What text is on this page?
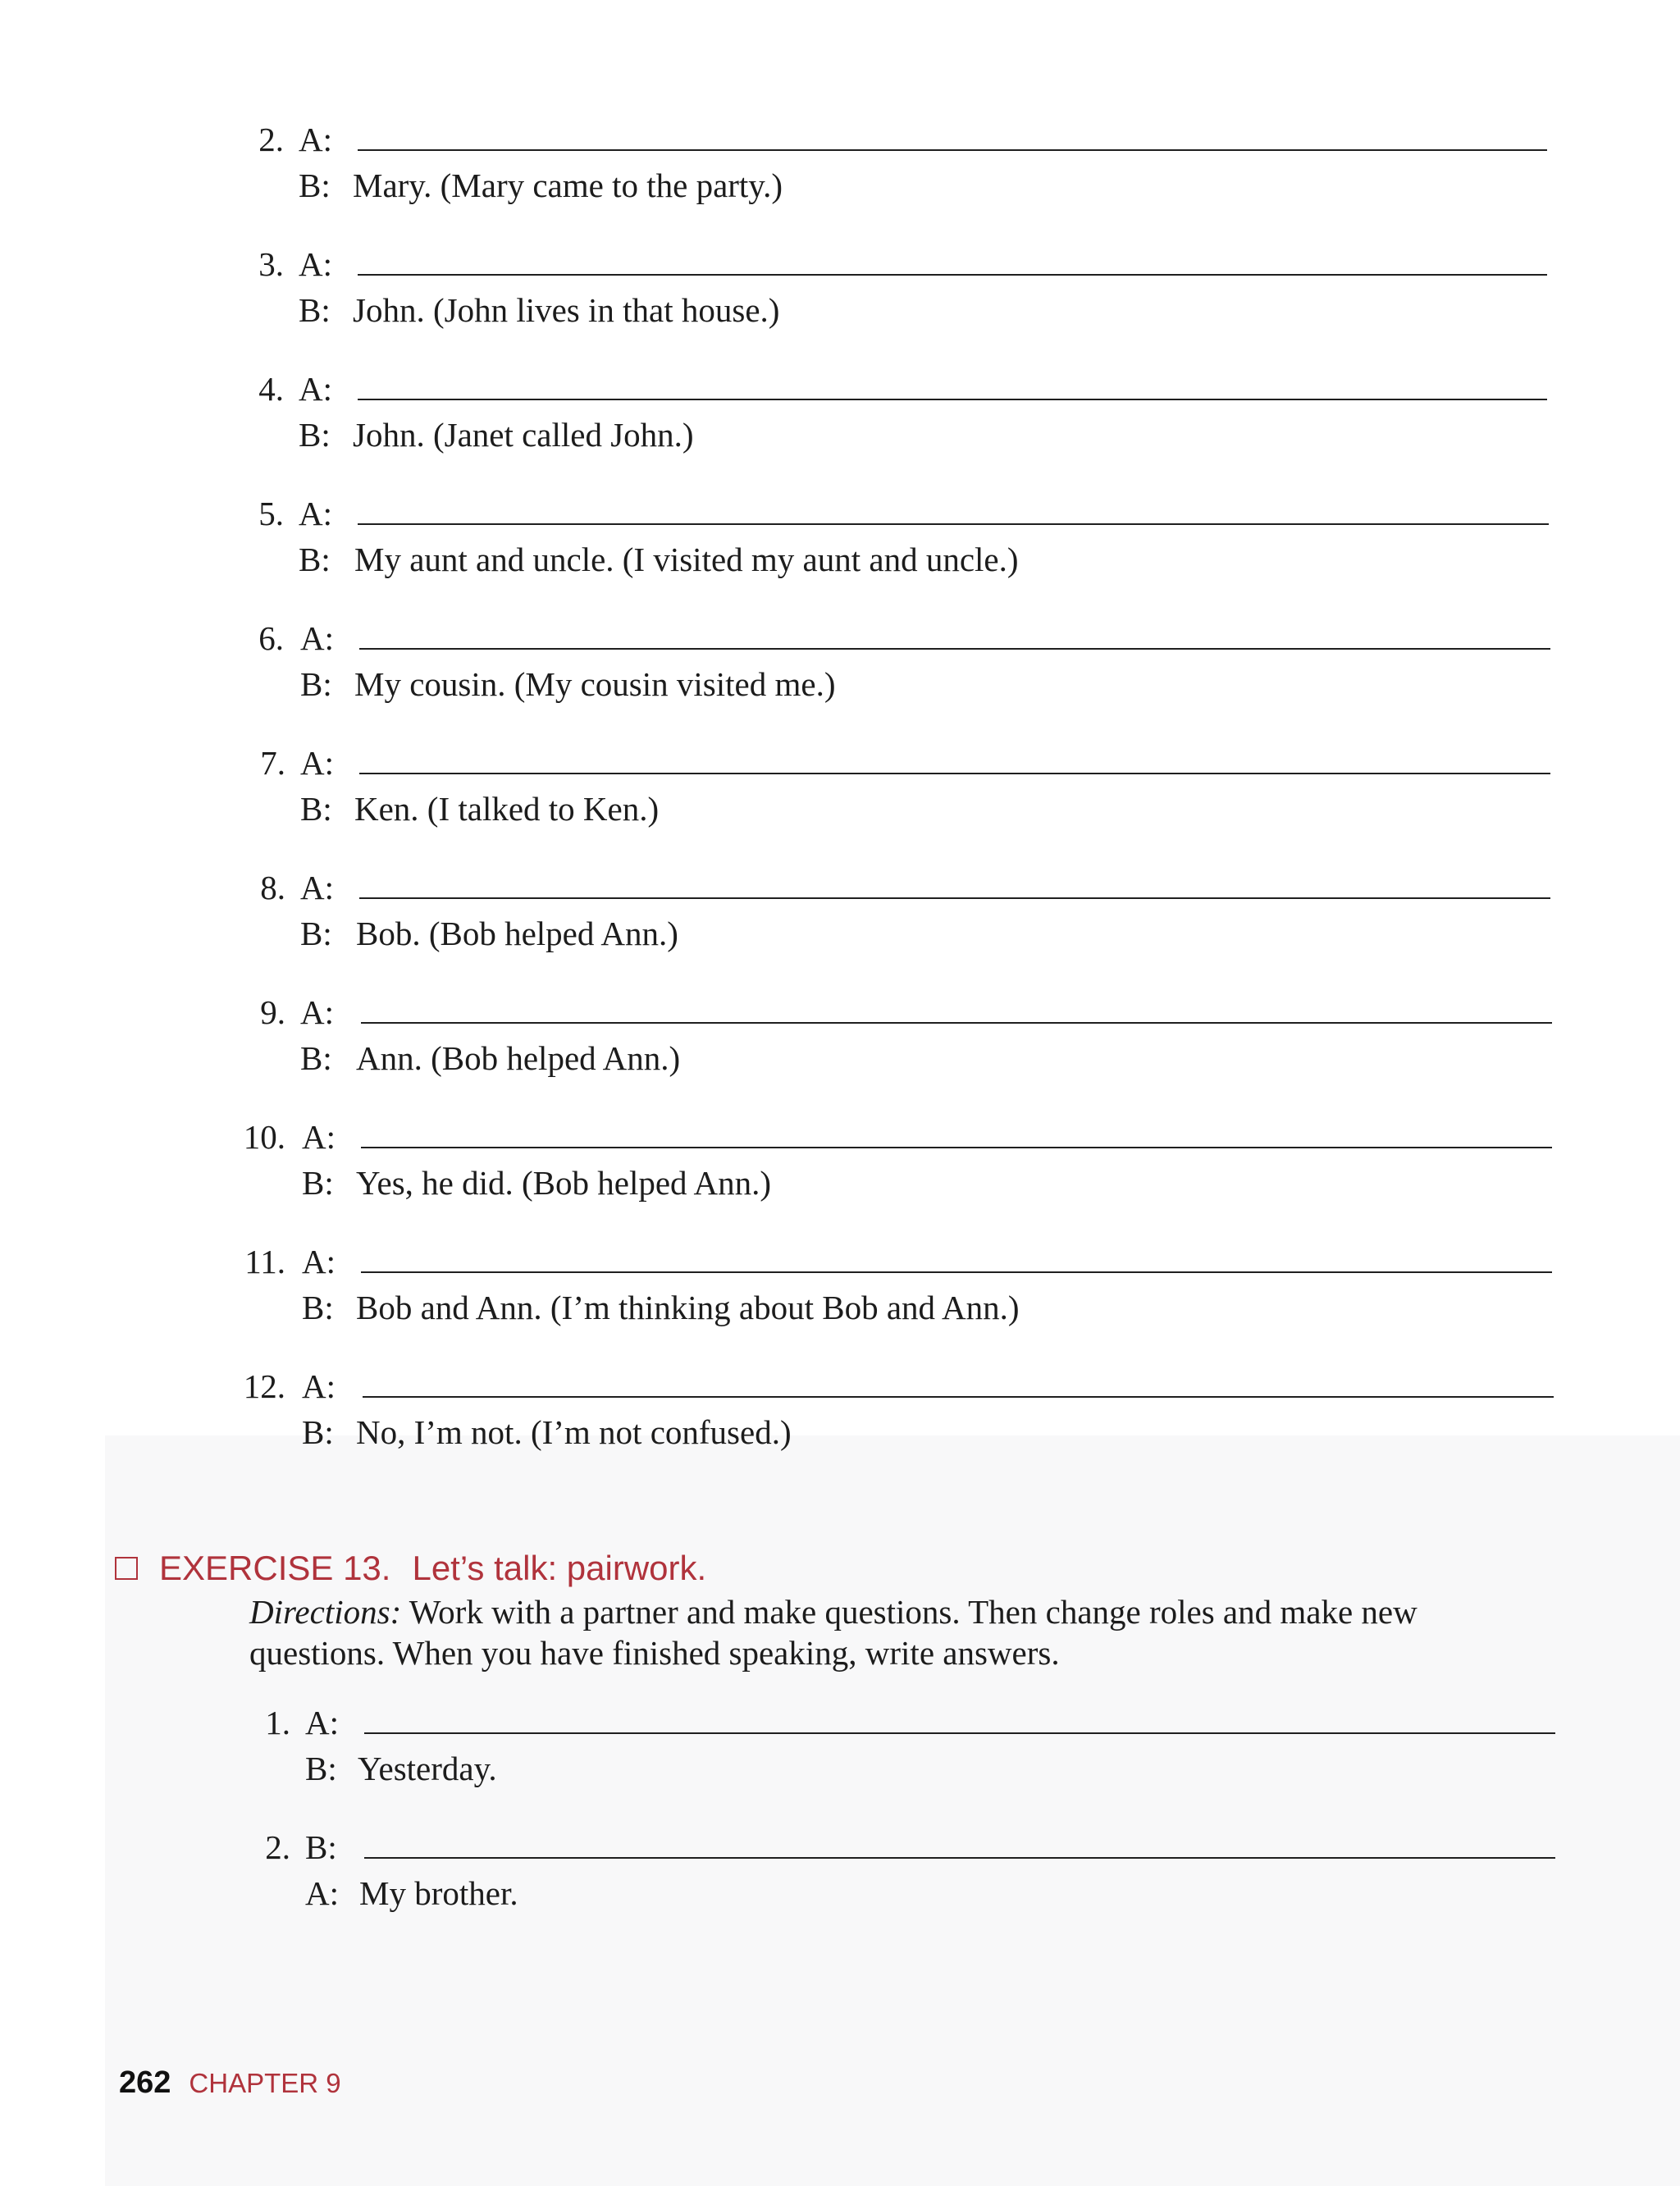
2. A:
B: Mary. (Mary came to the party.)
3. A:
B: John. (John lives in that house.)
4. A:
B: John. (Janet called John.)
5. A:
B: My aunt and uncle. (I visited my aunt and uncle.)
6. A:
B: My cousin. (My cousin visited me.)
7. A:
B: Ken. (I talked to Ken.)
8. A:
B: Bob. (Bob helped Ann.)
9. A:
B: Ann. (Bob helped Ann.)
10. A:
B: Yes, he did. (Bob helped Ann.)
11. A:
B: Bob and Ann. (I’m thinking about Bob and Ann.)
12. A:
B: No, I’m not. (I’m not confused.)
EXERCISE 13. Let’s talk: pairwork.
Directions: Work with a partner and make questions. Then change roles and make new questions. When you have finished speaking, write answers.
1. A:
B: Yesterday.
2. B:
A: My brother.
262 CHAPTER 9
